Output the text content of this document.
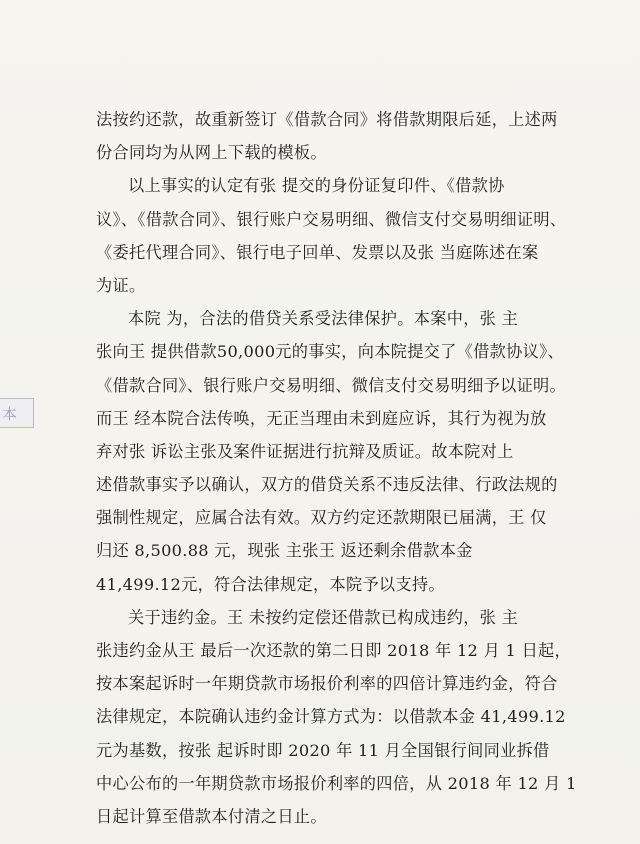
本
法按约还款，故重新签订《借款合同》将借款期限后延，上述两
份合同均为从网上下载的模板。
以上事实的认定有张 提交的身份证复印件、《借款协
议》、《借款合同》、银行账户交易明细、微信支付交易明细证明、
《委托代理合同》、银行电子回单、发票以及张 当庭陈述在案
为证。
本院 为，合法的借贷关系受法律保护。本案中，张 主
张向王 提供借款50,000元的事实，向本院提交了《借款协议》、
《借款合同》、银行账户交易明细、微信支付交易明细予以证明。
而王 经本院合法传唤，无正当理由未到庭应诉，其行为视为放
弃对张 诉讼主张及案件证据进行抗辩及质证。故本院对上
述借款事实予以确认，双方的借贷关系不违反法律、行政法规的
强制性规定，应属合法有效。双方约定还款期限已届满，王 仅
归还 8,500.88 元，现张 主张王 返还剩余借款本金
41,499.12元，符合法律规定，本院予以支持。
关于违约金。王 未按约定偿还借款已构成违约，张 主
张违约金从王 最后一次还款的第二日即 2018 年 12 月 1 日起，
按本案起诉时一年期贷款市场报价利率的四倍计算违约金，符合
法律规定，本院确认违约金计算方式为：以借款本金 41,499.12
元为基数，按张 起诉时即 2020 年 11 月全国银行间同业拆借
中心公布的一年期贷款市场报价利率的四倍，从 2018 年 12 月 1
日起计算至借款本付清之日止。
